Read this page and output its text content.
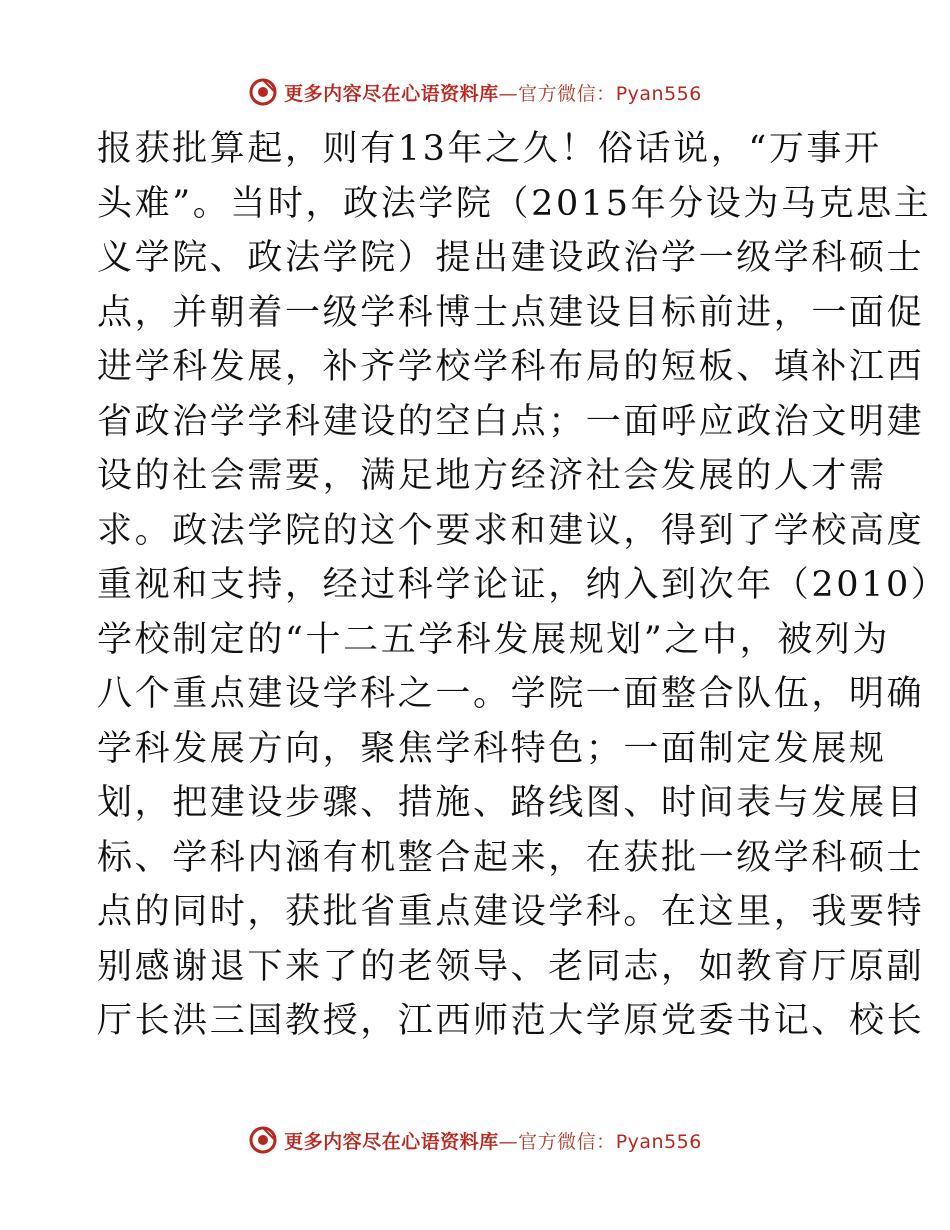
更多内容尽在心语资料库—官方微信：Pyan556
报获批算起，则有13年之久！俗话说，“万事开
头难”。当时，政法学院（2015年分设为马克思主
义学院、政法学院）提出建设政治学一级学科硕士
点，并朝着一级学科博士点建设目标前进，一面促
进学科发展，补齐学校学科布局的短板、填补江西
省政治学学科建设的空白点；一面呼应政治文明建
设的社会需要，满足地方经济社会发展的人才需
求。政法学院的这个要求和建议，得到了学校高度
重视和支持，经过科学论证，纳入到次年（2010）
学校制定的“十二五学科发展规划”之中，被列为
八个重点建设学科之一。学院一面整合队伍，明确
学科发展方向，聚焦学科特色；一面制定发展规
划，把建设步骤、措施、路线图、时间表与发展目
标、学科内涵有机整合起来，在获批一级学科硕士
点的同时，获批省重点建设学科。在这里，我要特
别感谢退下来了的老领导、老同志，如教育厅原副
厅长洪三国教授，江西师范大学原党委书记、校长
更多内容尽在心语资料库—官方微信：Pyan556
